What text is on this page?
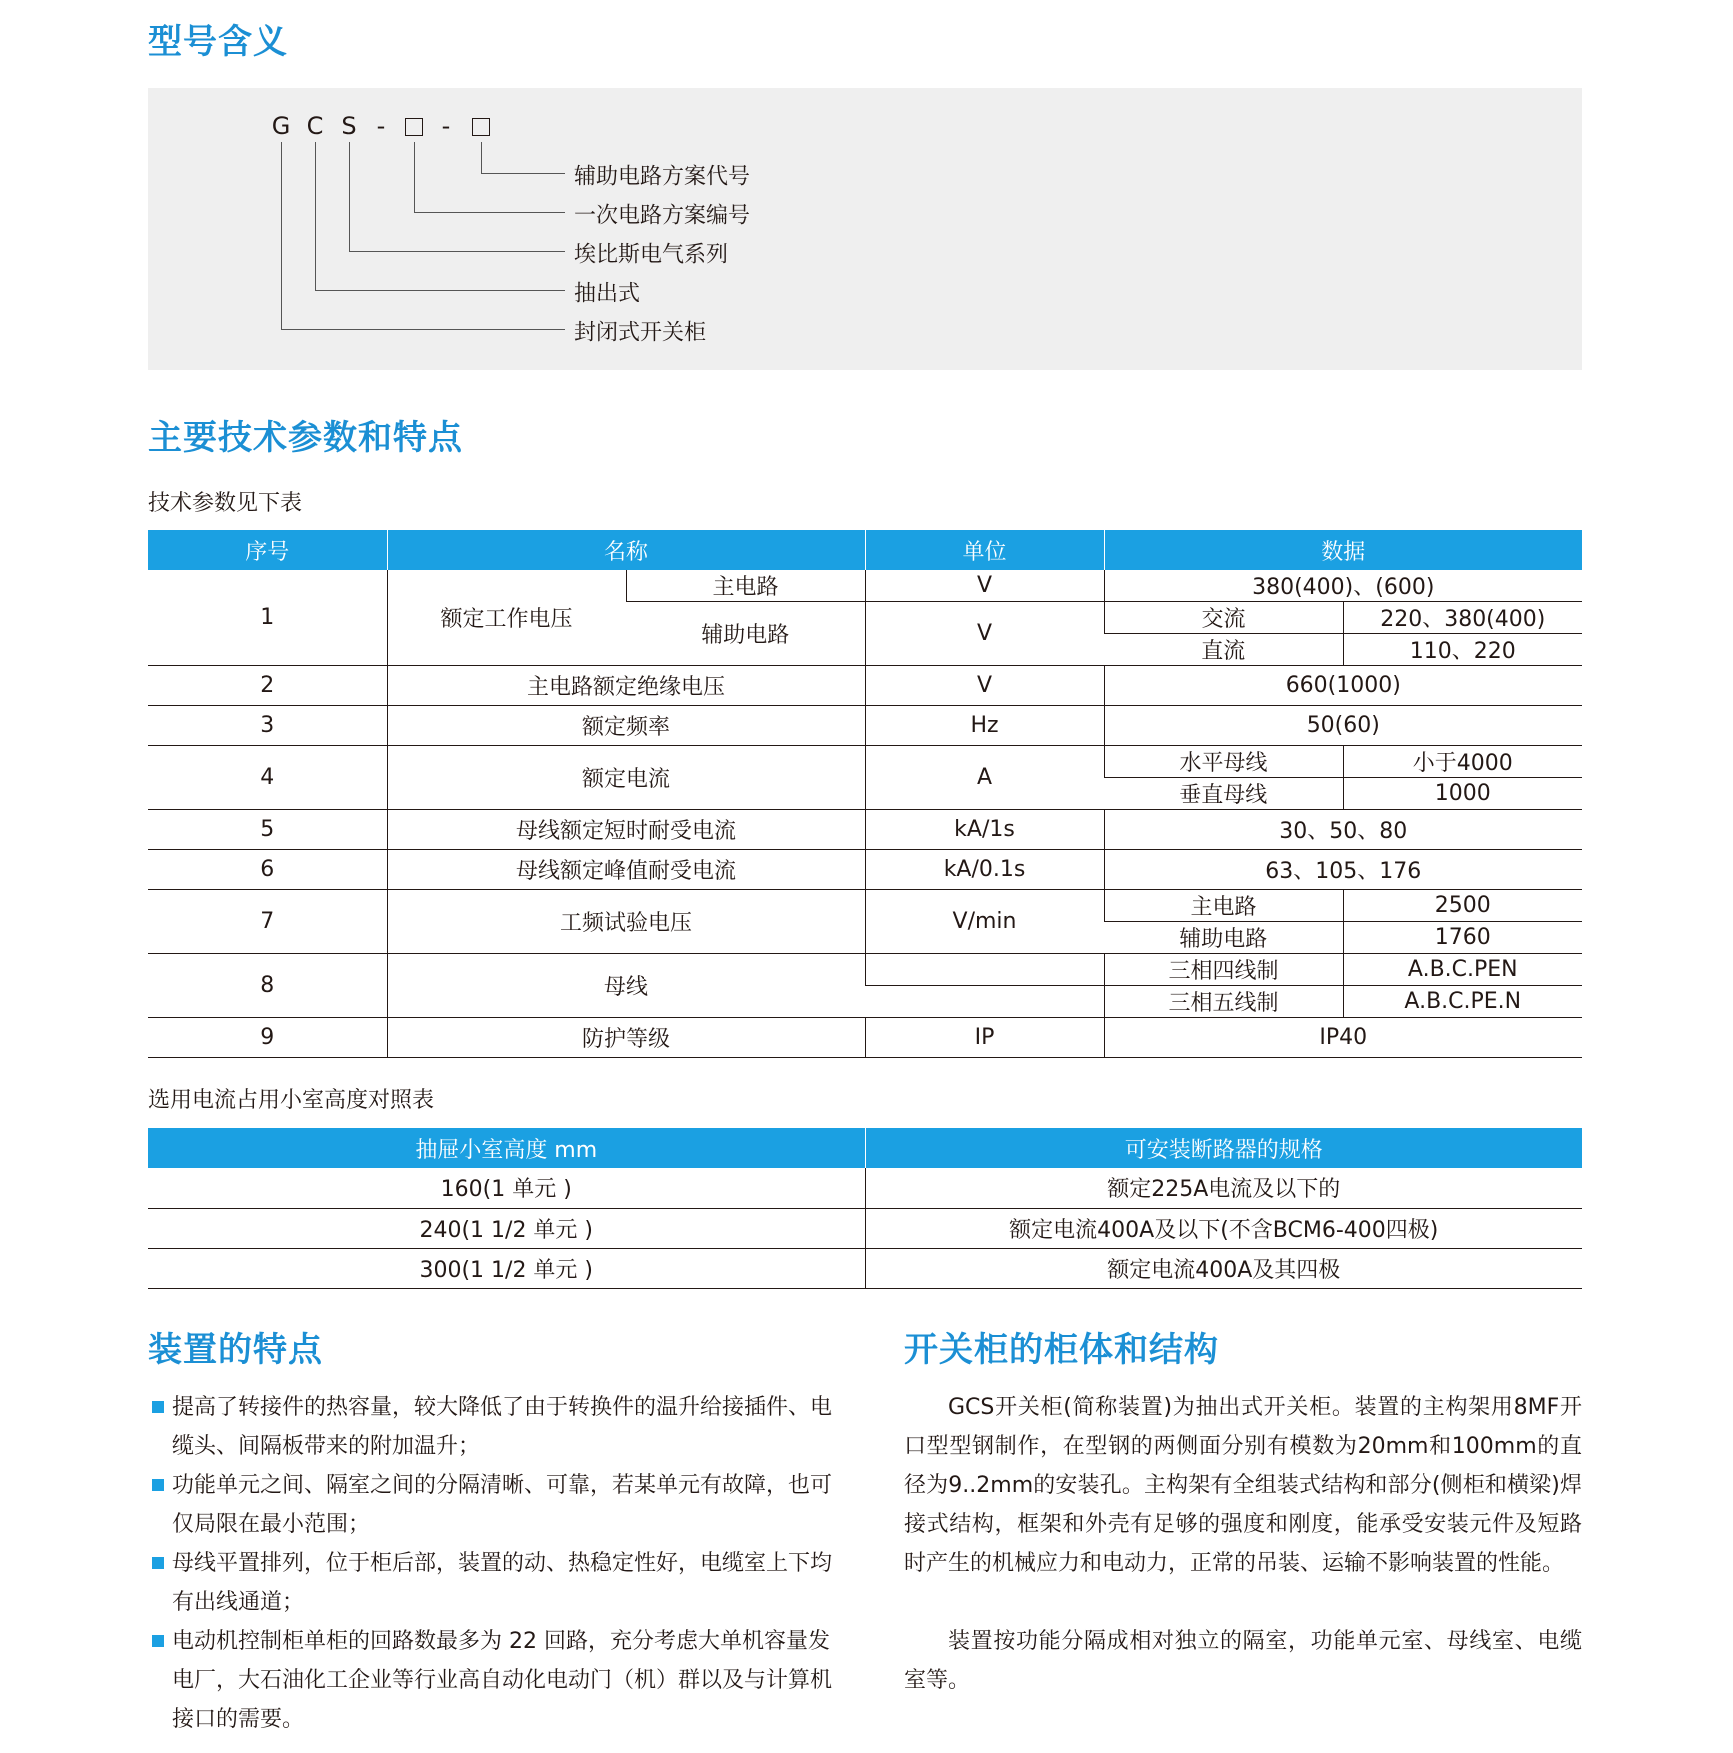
型号含义
G C S - -
辅助电路方案代号
一次电路方案编号
埃比斯电气系列
抽出式
封闭式开关柜
主要技术参数和特点
技术参数见下表
序号	名称		单位	数据	
1	额定工作电压	主电路	V	380(400)、(600)	
		辅助电路	V	交流	220、380(400)
				直流	110、220
2	主电路额定绝缘电压		V	660(1000)	
3	额定频率		Hz	50(60)	
4	额定电流		A	水平母线	小于4000
				垂直母线	1000
5	母线额定短时耐受电流		kA/1s	30、50、80	
6	母线额定峰值耐受电流		kA/0.1s	63、105、176	
7	工频试验电压		V/min	主电路	2500
				辅助电路	1760
8	母线			三相四线制	A.B.C.PEN
				三相五线制	A.B.C.PE.N
9	防护等级		IP	IP40	
选用电流占用小室高度对照表
抽屉小室高度 mm	可安装断路器的规格
160(1 单元 )	额定225A电流及以下的
240(1 1/2 单元 )	额定电流400A及以下(不含BCM6-400四极)
300(1 1/2 单元 )	额定电流400A及其四极
装置的特点
提高了转接件的热容量，较大降低了由于转换件的温升给接插件、电缆头、间隔板带来的附加温升；
功能单元之间、隔室之间的分隔清晰、可靠，若某单元有故障，也可仅局限在最小范围；
母线平置排列，位于柜后部，装置的动、热稳定性好，电缆室上下均有出线通道；
电动机控制柜单柜的回路数最多为 22 回路，充分考虑大单机容量发电厂，大石油化工企业等行业高自动化电动门（机）群以及与计算机接口的需要。
开关柜的柜体和结构
GCS开关柜(简称装置)为抽出式开关柜。装置的主构架用8MF开口型型钢制作，在型钢的两侧面分别有模数为20mm和100mm的直径为9..2mm的安装孔。主构架有全组装式结构和部分(侧柜和横梁)焊接式结构，框架和外壳有足够的强度和刚度，能承受安装元件及短路时产生的机械应力和电动力，正常的吊装、运输不影响装置的性能。
装置按功能分隔成相对独立的隔室，功能单元室、母线室、电缆室等。
